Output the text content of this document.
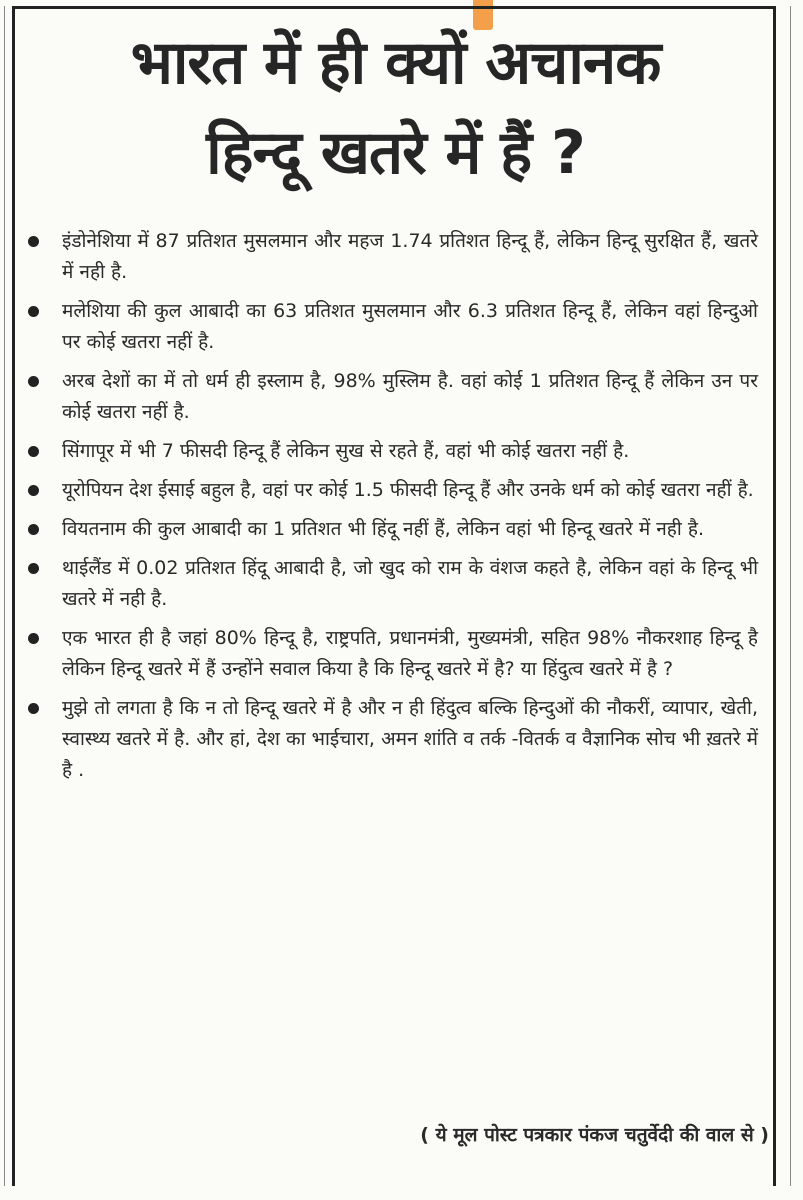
भारत में ही क्यों अचानक
हिन्दू खतरे में हैं ?
इंडोनेशिया में 87 प्रतिशत मुसलमान और महज 1.74 प्रतिशत हिन्दू हैं, लेकिन हिन्दू सुरक्षित हैं, खतरे में नही है.
मलेशिया की कुल आबादी का 63 प्रतिशत मुसलमान और 6.3 प्रतिशत हिन्दू हैं, लेकिन वहां हिन्दुओ पर कोई खतरा नहीं है.
अरब देशों का में तो धर्म ही इस्लाम है, 98% मुस्लिम है. वहां कोई 1 प्रतिशत हिन्दू हैं लेकिन उन पर कोई खतरा नहीं है.
सिंगापूर में भी 7 फीसदी हिन्दू हैं लेकिन सुख से रहते हैं, वहां भी कोई खतरा नहीं है.
यूरोपियन देश ईसाई बहुल है, वहां पर कोई 1.5 फीसदी हिन्दू हैं और उनके धर्म को कोई खतरा नहीं है.
वियतनाम की कुल आबादी का 1 प्रतिशत भी हिंदू नहीं हैं, लेकिन वहां भी हिन्दू खतरे में नही है.
थाईलैंड में 0.02 प्रतिशत हिंदू आबादी है, जो खुद को राम के वंशज कहते है, लेकिन वहां के हिन्दू भी खतरे में नही है.
एक भारत ही है जहां 80% हिन्दू है, राष्ट्रपति, प्रधानमंत्री, मुख्यमंत्री, सहित 98% नौकरशाह हिन्दू है लेकिन हिन्दू खतरे में हैं उन्होंने सवाल किया है कि हिन्दू खतरे में है? या हिंदुत्व खतरे में है ?
मुझे तो लगता है कि न तो हिन्दू खतरे में है और न ही हिंदुत्व बल्कि हिन्दुओं की नौकरीं, व्यापार, खेती, स्वास्थ्य खतरे में है. और हां, देश का भाईचारा, अमन शांति व तर्क -वितर्क व वैज्ञानिक सोच भी ख़तरे में है .

( ये मूल पोस्ट पत्रकार पंकज चतुर्वेदी की वाल से )
